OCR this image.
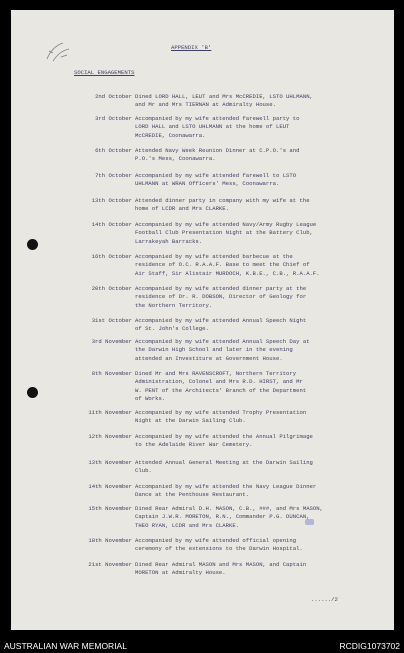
APPENDIX 'B'
SOCIAL ENGAGEMENTS
2nd October Dined LORD HALL, LEUT and Mrs McCREDIE, LSTO UHLMANN,
and Mr and Mrs TIERNAN at Admiralty House.
3rd October Accompanied by my wife attended farewell party to
LORD HALL and LSTO UHLMANN at the home of LEUT
McCREDIE, Coonawarra.
6th October Attended Navy Week Reunion Dinner at C.P.O.'s and
P.O.'s Mess, Coonawarra.
7th October Accompanied by my wife attended farewell to LSTO
UHLMANN at WRAN Officers' Mess, Coonawarra.
13th October Attended dinner party in company with my wife at the
home of LCDR and Mrs CLARKE.
14th October Accompanied by my wife attended Navy/Army Rugby League
Football Club Presentation Night at the Battery Club,
Larrakeyah Barracks.
16th October Accompanied by my wife attended barbecue at the
residence of O.C. R.A.A.F. Base to meet the Chief of
Air Staff, Sir Alistair MURDOCH, K.B.E., C.B., R.A.A.F.
20th October Accompanied by my wife attended dinner party at the
residence of Dr. R. DOBSON, Director of Geology for
the Northern Territory.
31st October Accompanied by my wife attended Annual Speech Night
of St. John's College.
3rd November Accompanied by my wife attended Annual Speech Day at
the Darwin High School and later in the evening
attended an Investiture at Government House.
8th November Dined Mr and Mrs RAVENSCROFT, Northern Territory
Administration, Colonel and Mrs R.D. HIRST, and Mr
W. PENT of the Architects' Branch of the Department
of Works.
11th November Accompanied by my wife attended Trophy Presentation
Night at the Darwin Sailing Club.
12th November Accompanied by my wife attended the Annual Pilgrimage
to the Adelaide River War Cemetery.
13th November Attended Annual General Meeting at the Darwin Sailing
Club.
14th November Accompanied by my wife attended the Navy League Dinner
Dance at the Penthouse Restaurant.
15th November Dined Rear Admiral D.H. MASON, C.B., ###, and Mrs MASON,
Captain J.W.R. MORETON, R.N., Commander P.G. DUNCAN,
THEO RYAN, LCDR and Mrs CLARKE.
18th November Accompanied by my wife attended official opening
ceremony of the extensions to the Darwin Hospital.
21st November Dined Rear Admiral MASON and Mrs MASON, and Captain
MORETON at Admiralty House.
....../2
AUSTRALIAN WAR MEMORIAL	RCDIG1073702
